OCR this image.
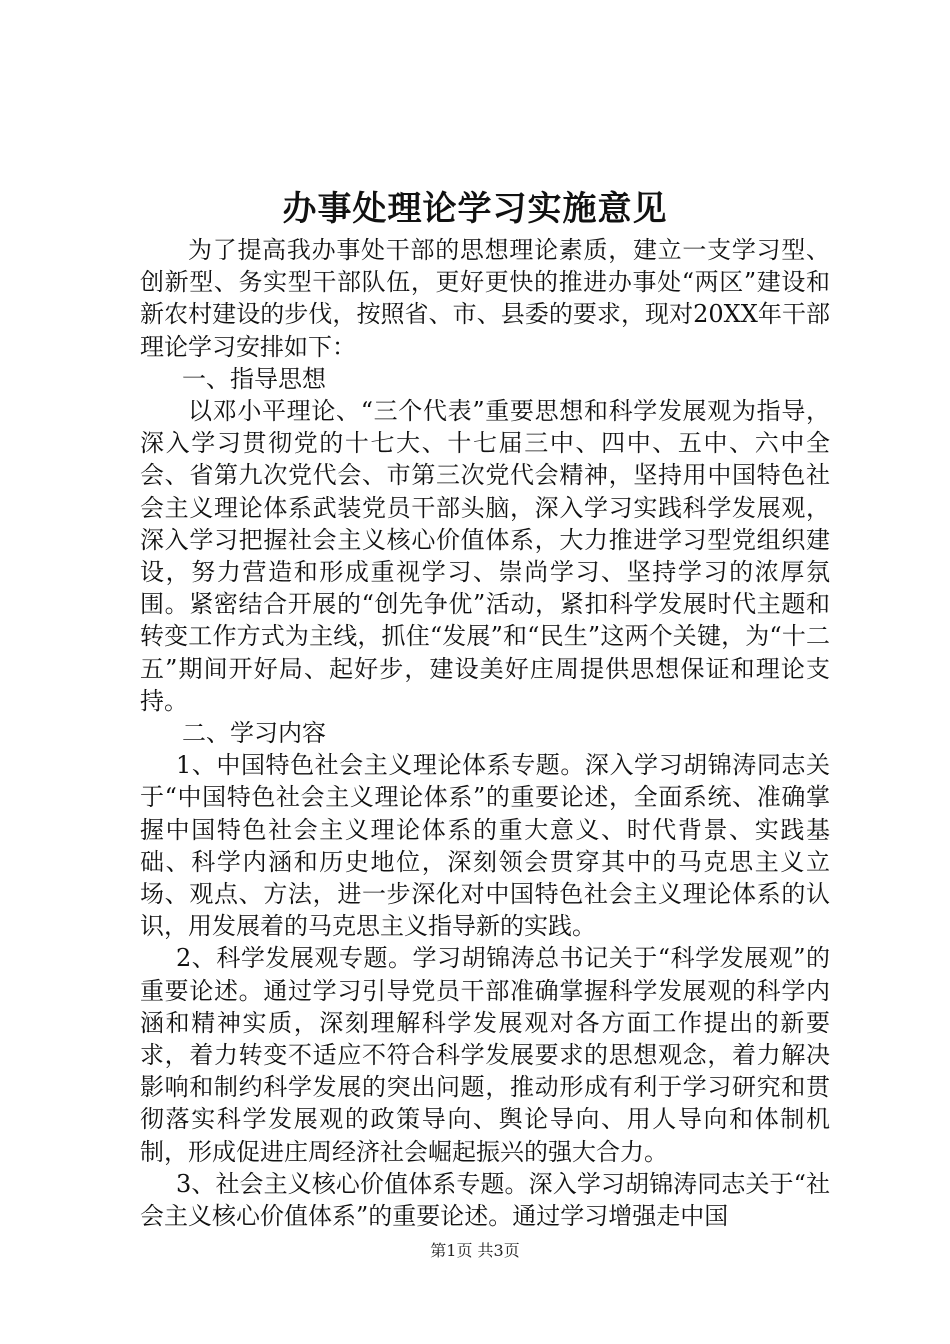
办事处理论学习实施意见

为了提高我办事处干部的思想理论素质，建立一支学习型、创新型、务实型干部队伍，更好更快的推进办事处“两区”建设和新农村建设的步伐，按照省、市、县委的要求，现对20XX年干部理论学习安排如下：

一、指导思想

以邓小平理论、“三个代表”重要思想和科学发展观为指导，深入学习贯彻党的十七大、十七届三中、四中、五中、六中全会、省第九次党代会、市第三次党代会精神，坚持用中国特色社会主义理论体系武装党员干部头脑，深入学习实践科学发展观，深入学习把握社会主义核心价值体系，大力推进学习型党组织建设，努力营造和形成重视学习、崇尚学习、坚持学习的浓厚氛围。紧密结合开展的“创先争优”活动，紧扣科学发展时代主题和转变工作方式为主线，抓住“发展”和“民生”这两个关键，为“十二五”期间开好局、起好步，建设美好庄周提供思想保证和理论支持。

二、学习内容

1、中国特色社会主义理论体系专题。深入学习胡锦涛同志关于“中国特色社会主义理论体系”的重要论述，全面系统、准确掌握中国特色社会主义理论体系的重大意义、时代背景、实践基础、科学内涵和历史地位，深刻领会贯穿其中的马克思主义立场、观点、方法，进一步深化对中国特色社会主义理论体系的认识，用发展着的马克思主义指导新的实践。

2、科学发展观专题。学习胡锦涛总书记关于“科学发展观”的重要论述。通过学习引导党员干部准确掌握科学发展观的科学内涵和精神实质，深刻理解科学发展观对各方面工作提出的新要求，着力转变不适应不符合科学发展要求的思想观念，着力解决影响和制约科学发展的突出问题，推动形成有利于学习研究和贯彻落实科学发展观的政策导向、舆论导向、用人导向和体制机制，形成促进庄周经济社会崛起振兴的强大合力。

3、社会主义核心价值体系专题。深入学习胡锦涛同志关于“社会主义核心价值体系”的重要论述。通过学习增强走中国

第1页 共3页
